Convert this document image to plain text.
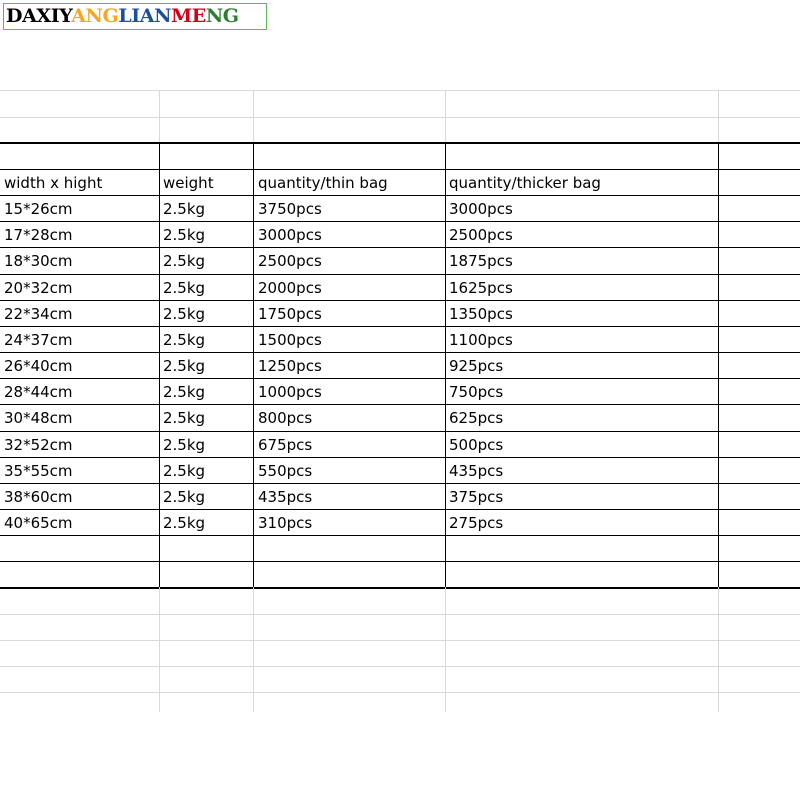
width x hight	weight	quantity/thin bag	quantity/thicker bag
15*26cm	2.5kg	3750pcs	3000pcs
17*28cm	2.5kg	3000pcs	2500pcs
18*30cm	2.5kg	2500pcs	1875pcs
20*32cm	2.5kg	2000pcs	1625pcs
22*34cm	2.5kg	1750pcs	1350pcs
24*37cm	2.5kg	1500pcs	1100pcs
26*40cm	2.5kg	1250pcs	925pcs
28*44cm	2.5kg	1000pcs	750pcs
30*48cm	2.5kg	800pcs	625pcs
32*52cm	2.5kg	675pcs	500pcs
35*55cm	2.5kg	550pcs	435pcs
38*60cm	2.5kg	435pcs	375pcs
40*65cm	2.5kg	310pcs	275pcs
DAXIYANGLIANMENG
